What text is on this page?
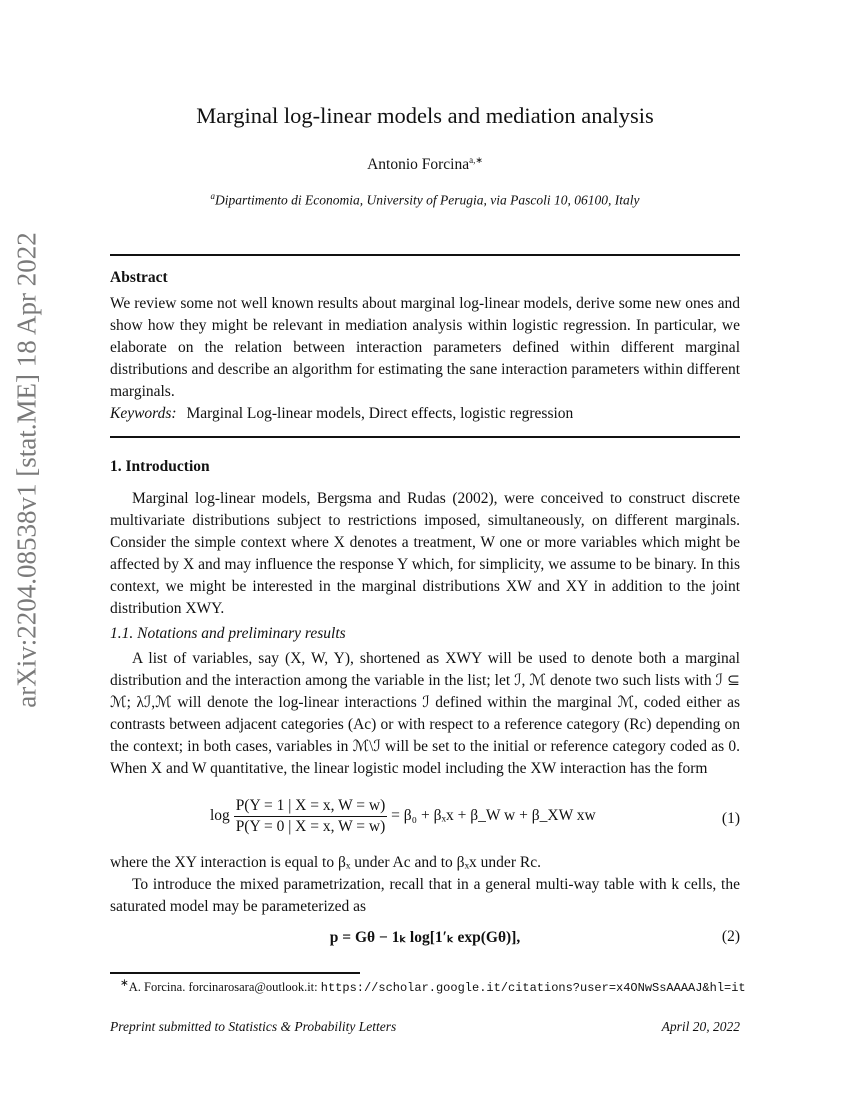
arXiv:2204.08538v1 [stat.ME] 18 Apr 2022
Marginal log-linear models and mediation analysis
Antonio Forcina$^{a,∗}$
$^a$Dipartimento di Economia, University of Perugia, via Pascoli 10, 06100, Italy
Abstract
We review some not well known results about marginal log-linear models, derive some new ones and show how they might be relevant in mediation analysis within logistic regression. In particular, we elaborate on the relation between interaction parameters defined within different marginal distributions and describe an algorithm for estimating the sane interaction parameters within different marginals.
Keywords: Marginal Log-linear models, Direct effects, logistic regression
1. Introduction
Marginal log-linear models, Bergsma and Rudas (2002), were conceived to construct discrete multivariate distributions subject to restrictions imposed, simultaneously, on different marginals. Consider the simple context where X denotes a treatment, W one or more variables which might be affected by X and may influence the response Y which, for simplicity, we assume to be binary. In this context, we might be interested in the marginal distributions XW and XY in addition to the joint distribution XWY.
1.1. Notations and preliminary results
A list of variables, say (X, W, Y), shortened as XWY will be used to denote both a marginal distribution and the interaction among the variable in the list; let ℐ, ℳ denote two such lists with ℐ ⊆ ℳ; λℐ,ℳ will denote the log-linear interactions ℐ defined within the marginal ℳ, coded either as contrasts between adjacent categories (Ac) or with respect to a reference category (Rc) depending on the context; in both cases, variables in ℳ\ℐ will be set to the initial or reference category coded as 0. When X and W quantitative, the linear logistic model including the XW interaction has the form
$\log \frac{P(Y = 1 | X = x, W = w)}{P(Y = 0 | X = x, W = w)} = \beta_0 + \beta_xx$ + β_W w + β_XW xw	(1)
where the XY interaction is equal to βₓ under Ac and to βₓx under Rc.
To introduce the mixed parametrization, recall that in a general multi-way table with k cells, the saturated model may be parameterized as
p = Gθ − 1ₖ log[1′ₖ exp(Gθ)],	(2)
∗A. Forcina. forcinarosara@outlook.it: https://scholar.google.it/citations?user=x4ONwSsAAAAJ&hl=it
Preprint submitted to Statistics & Probability Letters	April 20, 2022
